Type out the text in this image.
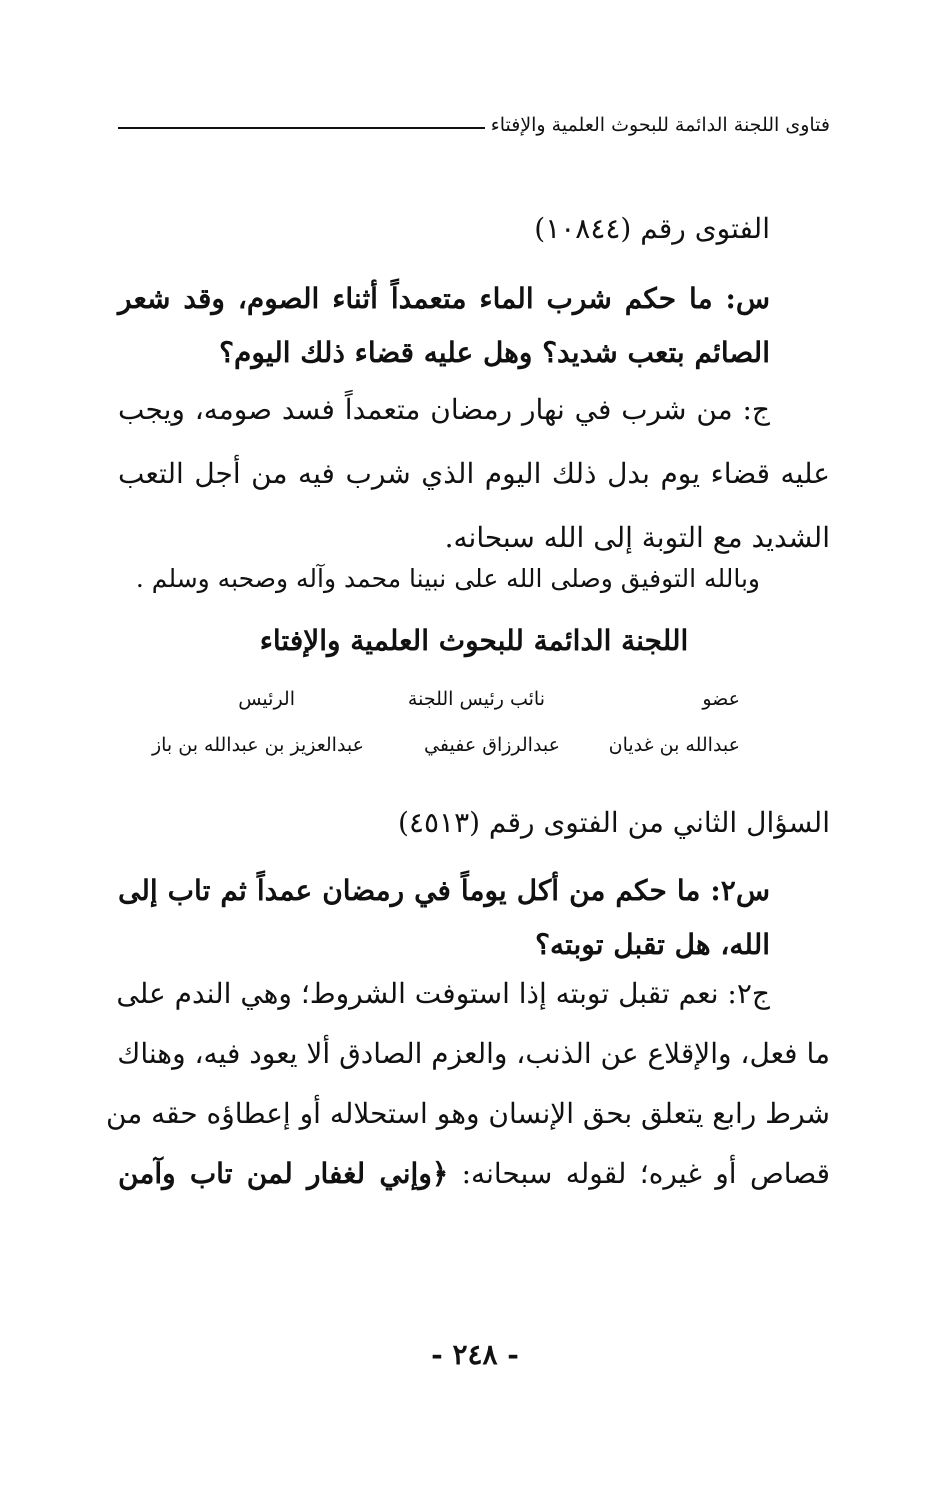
فتاوى اللجنة الدائمة للبحوث العلمية والإفتاء
الفتوى رقم (١٠٨٤٤)
س: ما حكم شرب الماء متعمداً أثناء الصوم، وقد شعر
الصائم بتعب شديد؟ وهل عليه قضاء ذلك اليوم؟
ج: من شرب في نهار رمضان متعمداً فسد صومه، ويجب
عليه قضاء يوم بدل ذلك اليوم الذي شرب فيه من أجل التعب
الشديد مع التوبة إلى الله سبحانه.
وبالله التوفيق وصلى الله على نبينا محمد وآله وصحبه وسلم .
اللجنة الدائمة للبحوث العلمية والإفتاء
عضو
نائب رئيس اللجنة
الرئيس
عبدالله بن غديان
عبدالرزاق عفيفي
عبدالعزيز بن عبدالله بن باز
السؤال الثاني من الفتوى رقم (٤٥١٣)
س٢: ما حكم من أكل يوماً في رمضان عمداً ثم تاب إلى
الله، هل تقبل توبته؟
ج٢: نعم تقبل توبته إذا استوفت الشروط؛ وهي الندم على
ما فعل، والإقلاع عن الذنب، والعزم الصادق ألا يعود فيه، وهناك
شرط رابع يتعلق بحق الإنسان وهو استحلاله أو إعطاؤه حقه من
قصاص أو غيره؛ لقوله سبحانه: ﴿وإني لغفار لمن تاب وآمن
- ٢٤٨ -
